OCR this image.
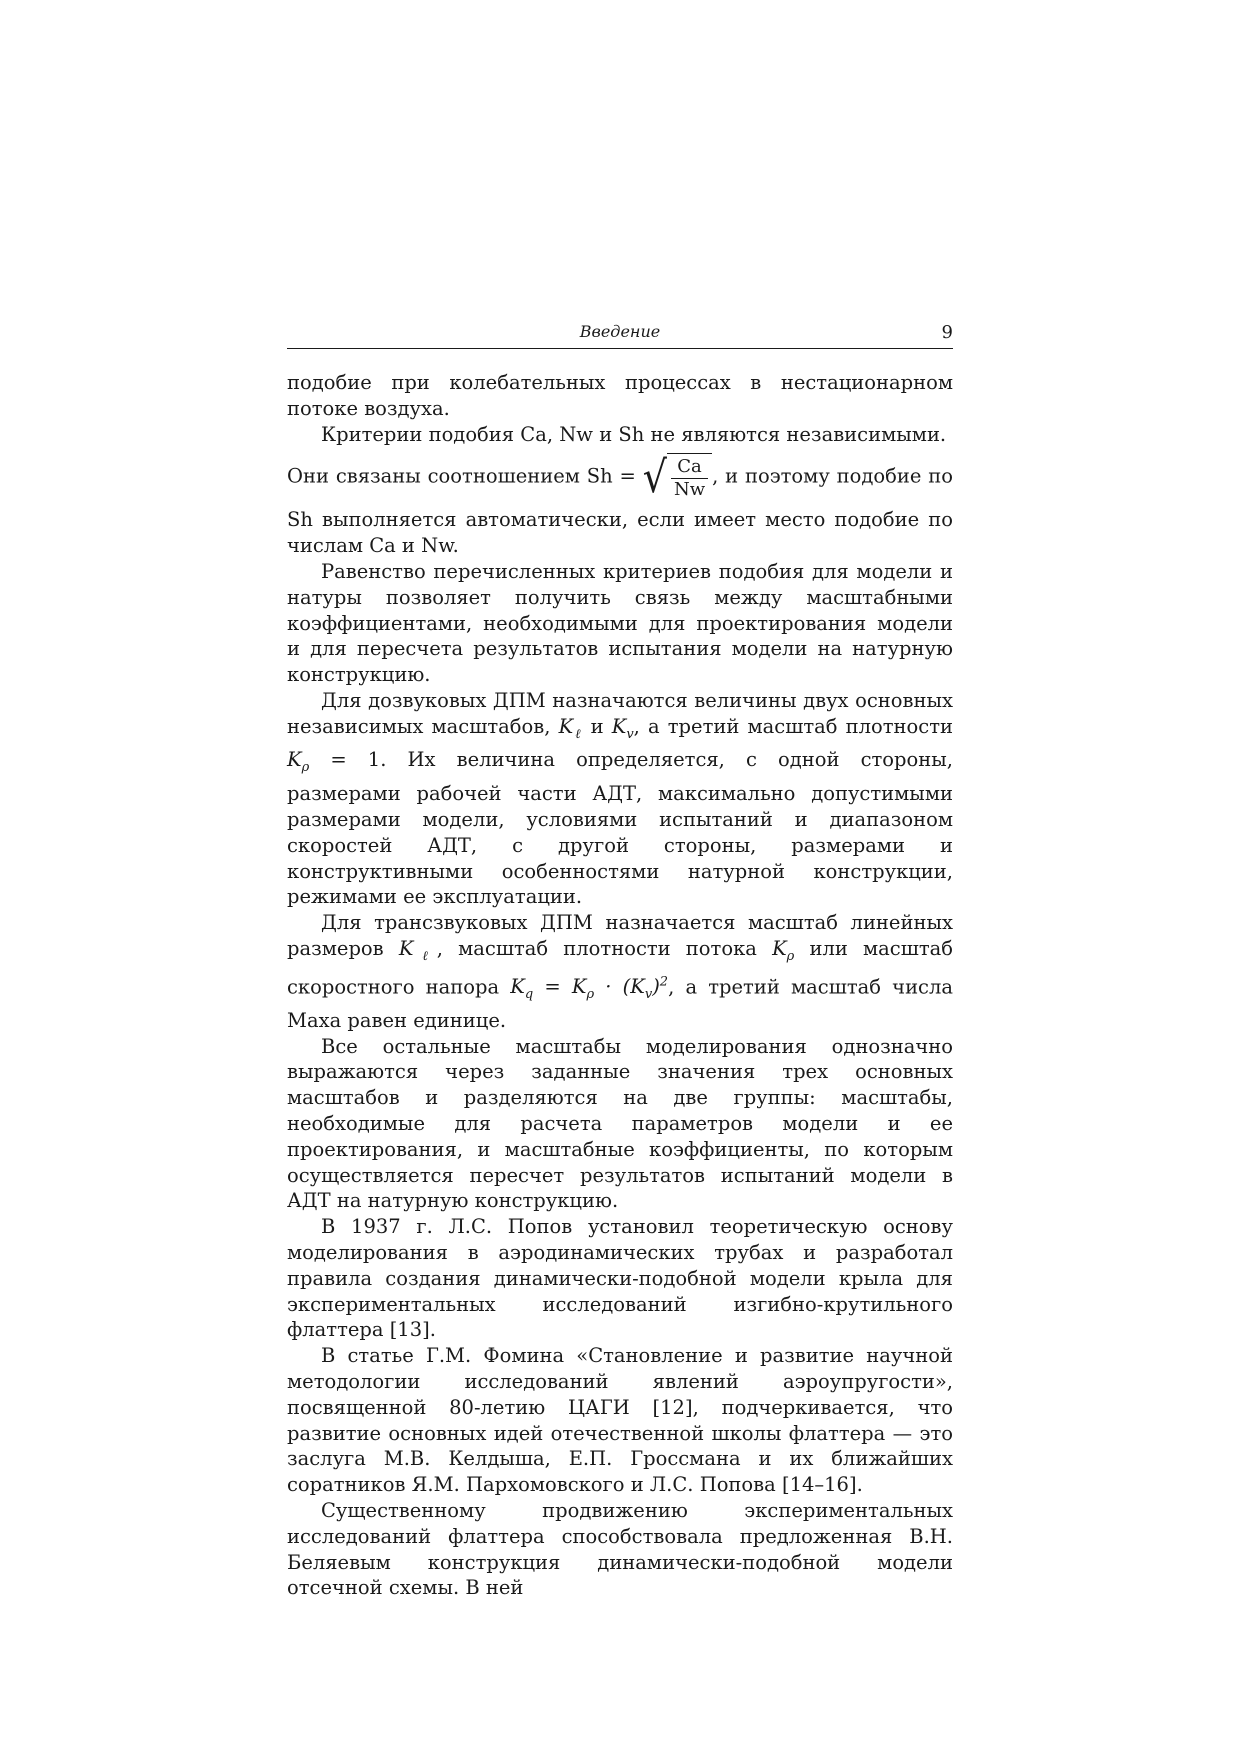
Введение	9

подобие при колебательных процессах в нестационарном потоке воздуха.

Критерии подобия Ca, Nw и Sh не являются независимыми.

Они связаны соотношением Sh = √ $\frac{Ca}{Nw}$ , и поэтому подобие по Sh выполняется автоматически, если имеет место подобие по числам Ca и Nw.

Равенство перечисленных критериев подобия для модели и натуры позволяет получить связь между масштабными коэффициентами, необходимыми для проектирования модели и для пересчета результатов испытания модели на натурную конструкцию.

Для дозвуковых ДПМ назначаются величины двух основных независимых масштабов, $K_\ell$ и $K_v$, а третий масштаб плотности $K_\rho = 1$. Их величина определяется, с одной стороны, размерами рабочей части АДТ, максимально допустимыми размерами модели, условиями испытаний и диапазоном скоростей АДТ, с другой стороны, размерами и конструктивными особенностями натурной конструкции, режимами ее эксплуатации.

Для трансзвуковых ДПМ назначается масштаб линейных размеров $K_\ell$, масштаб плотности потока $K_\rho$ или масштаб скоростного напора $K_q = K_\rho \cdot (K_v)^2$, а третий масштаб числа Маха равен единице.

Все остальные масштабы моделирования однозначно выражаются через заданные значения трех основных масштабов и разделяются на две группы: масштабы, необходимые для расчета параметров модели и ее проектирования, и масштабные коэффициенты, по которым осуществляется пересчет результатов испытаний модели в АДТ на натурную конструкцию.

В 1937 г. Л.С. Попов установил теоретическую основу моделирования в аэродинамических трубах и разработал правила создания динамически-подобной модели крыла для экспериментальных исследований изгибно-крутильного флаттера [13].

В статье Г.М. Фомина «Становление и развитие научной методологии исследований явлений аэроупругости», посвященной 80-летию ЦАГИ [12], подчеркивается, что развитие основных идей отечественной школы флаттера — это заслуга М.В. Келдыша, Е.П. Гроссмана и их ближайших соратников Я.М. Пархомовского и Л.С. Попова [14–16].

Существенному продвижению экспериментальных исследований флаттера способствовала предложенная В.Н. Беляевым конструкция динамически-подобной модели отсечной схемы. В ней
